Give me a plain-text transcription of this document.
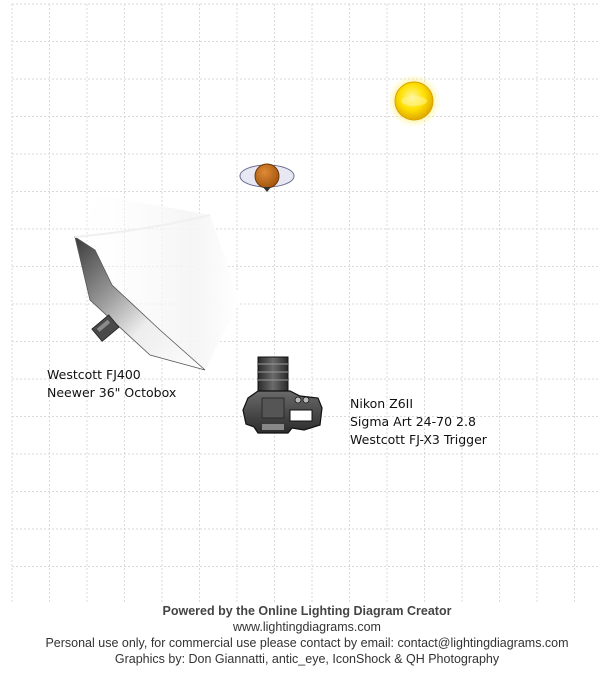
Westcott FJ400
Neewer 36" Octobox
Nikon Z6II
Sigma Art 24-70 2.8
Westcott FJ-X3 Trigger
Powered by the Online Lighting Diagram Creator
www.lightingdiagrams.com
Personal use only, for commercial use please contact by email: contact@lightingdiagrams.com
Graphics by: Don Giannatti, antic_eye, IconShock & QH Photography
